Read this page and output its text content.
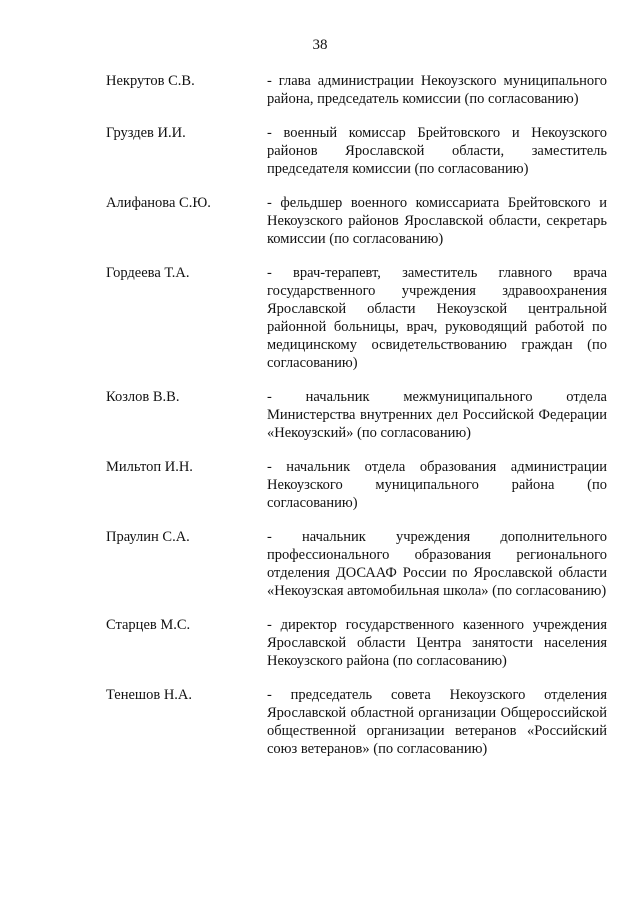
38
Некрутов С.В.	- глава администрации Некоузского муниципального района, председатель комиссии (по согласованию)
Груздев И.И.	- военный комиссар Брейтовского и Некоузского районов Ярославской области, заместитель председателя комиссии (по согласованию)
Алифанова С.Ю.	- фельдшер военного комиссариата Брейтовского и Некоузского районов Ярославской области, секретарь комиссии (по согласованию)
Гордеева Т.А.	- врач-терапевт, заместитель главного врача государственного учреждения здравоохранения Ярославской области Некоузской центральной районной больницы, врач, руководящий работой по медицинскому освидетельствованию граждан (по согласованию)
Козлов В.В.	- начальник межмуниципального отдела Министерства внутренних дел Российской Федерации «Некоузский» (по согласованию)
Мильтоп И.Н.	- начальник отдела образования администрации Некоузского муниципального района (по согласованию)
Праулин С.А.	- начальник учреждения дополнительного профессионального образования регионального отделения ДОСААФ России по Ярославской области «Некоузская автомобильная школа» (по согласованию)
Старцев М.С.	- директор государственного казенного учреждения Ярославской области Центра занятости населения Некоузского района (по согласованию)
Тенешов Н.А.	- председатель совета Некоузского отделения Ярославской областной организации Общероссийской общественной организации ветеранов «Российский союз ветеранов» (по согласованию)
